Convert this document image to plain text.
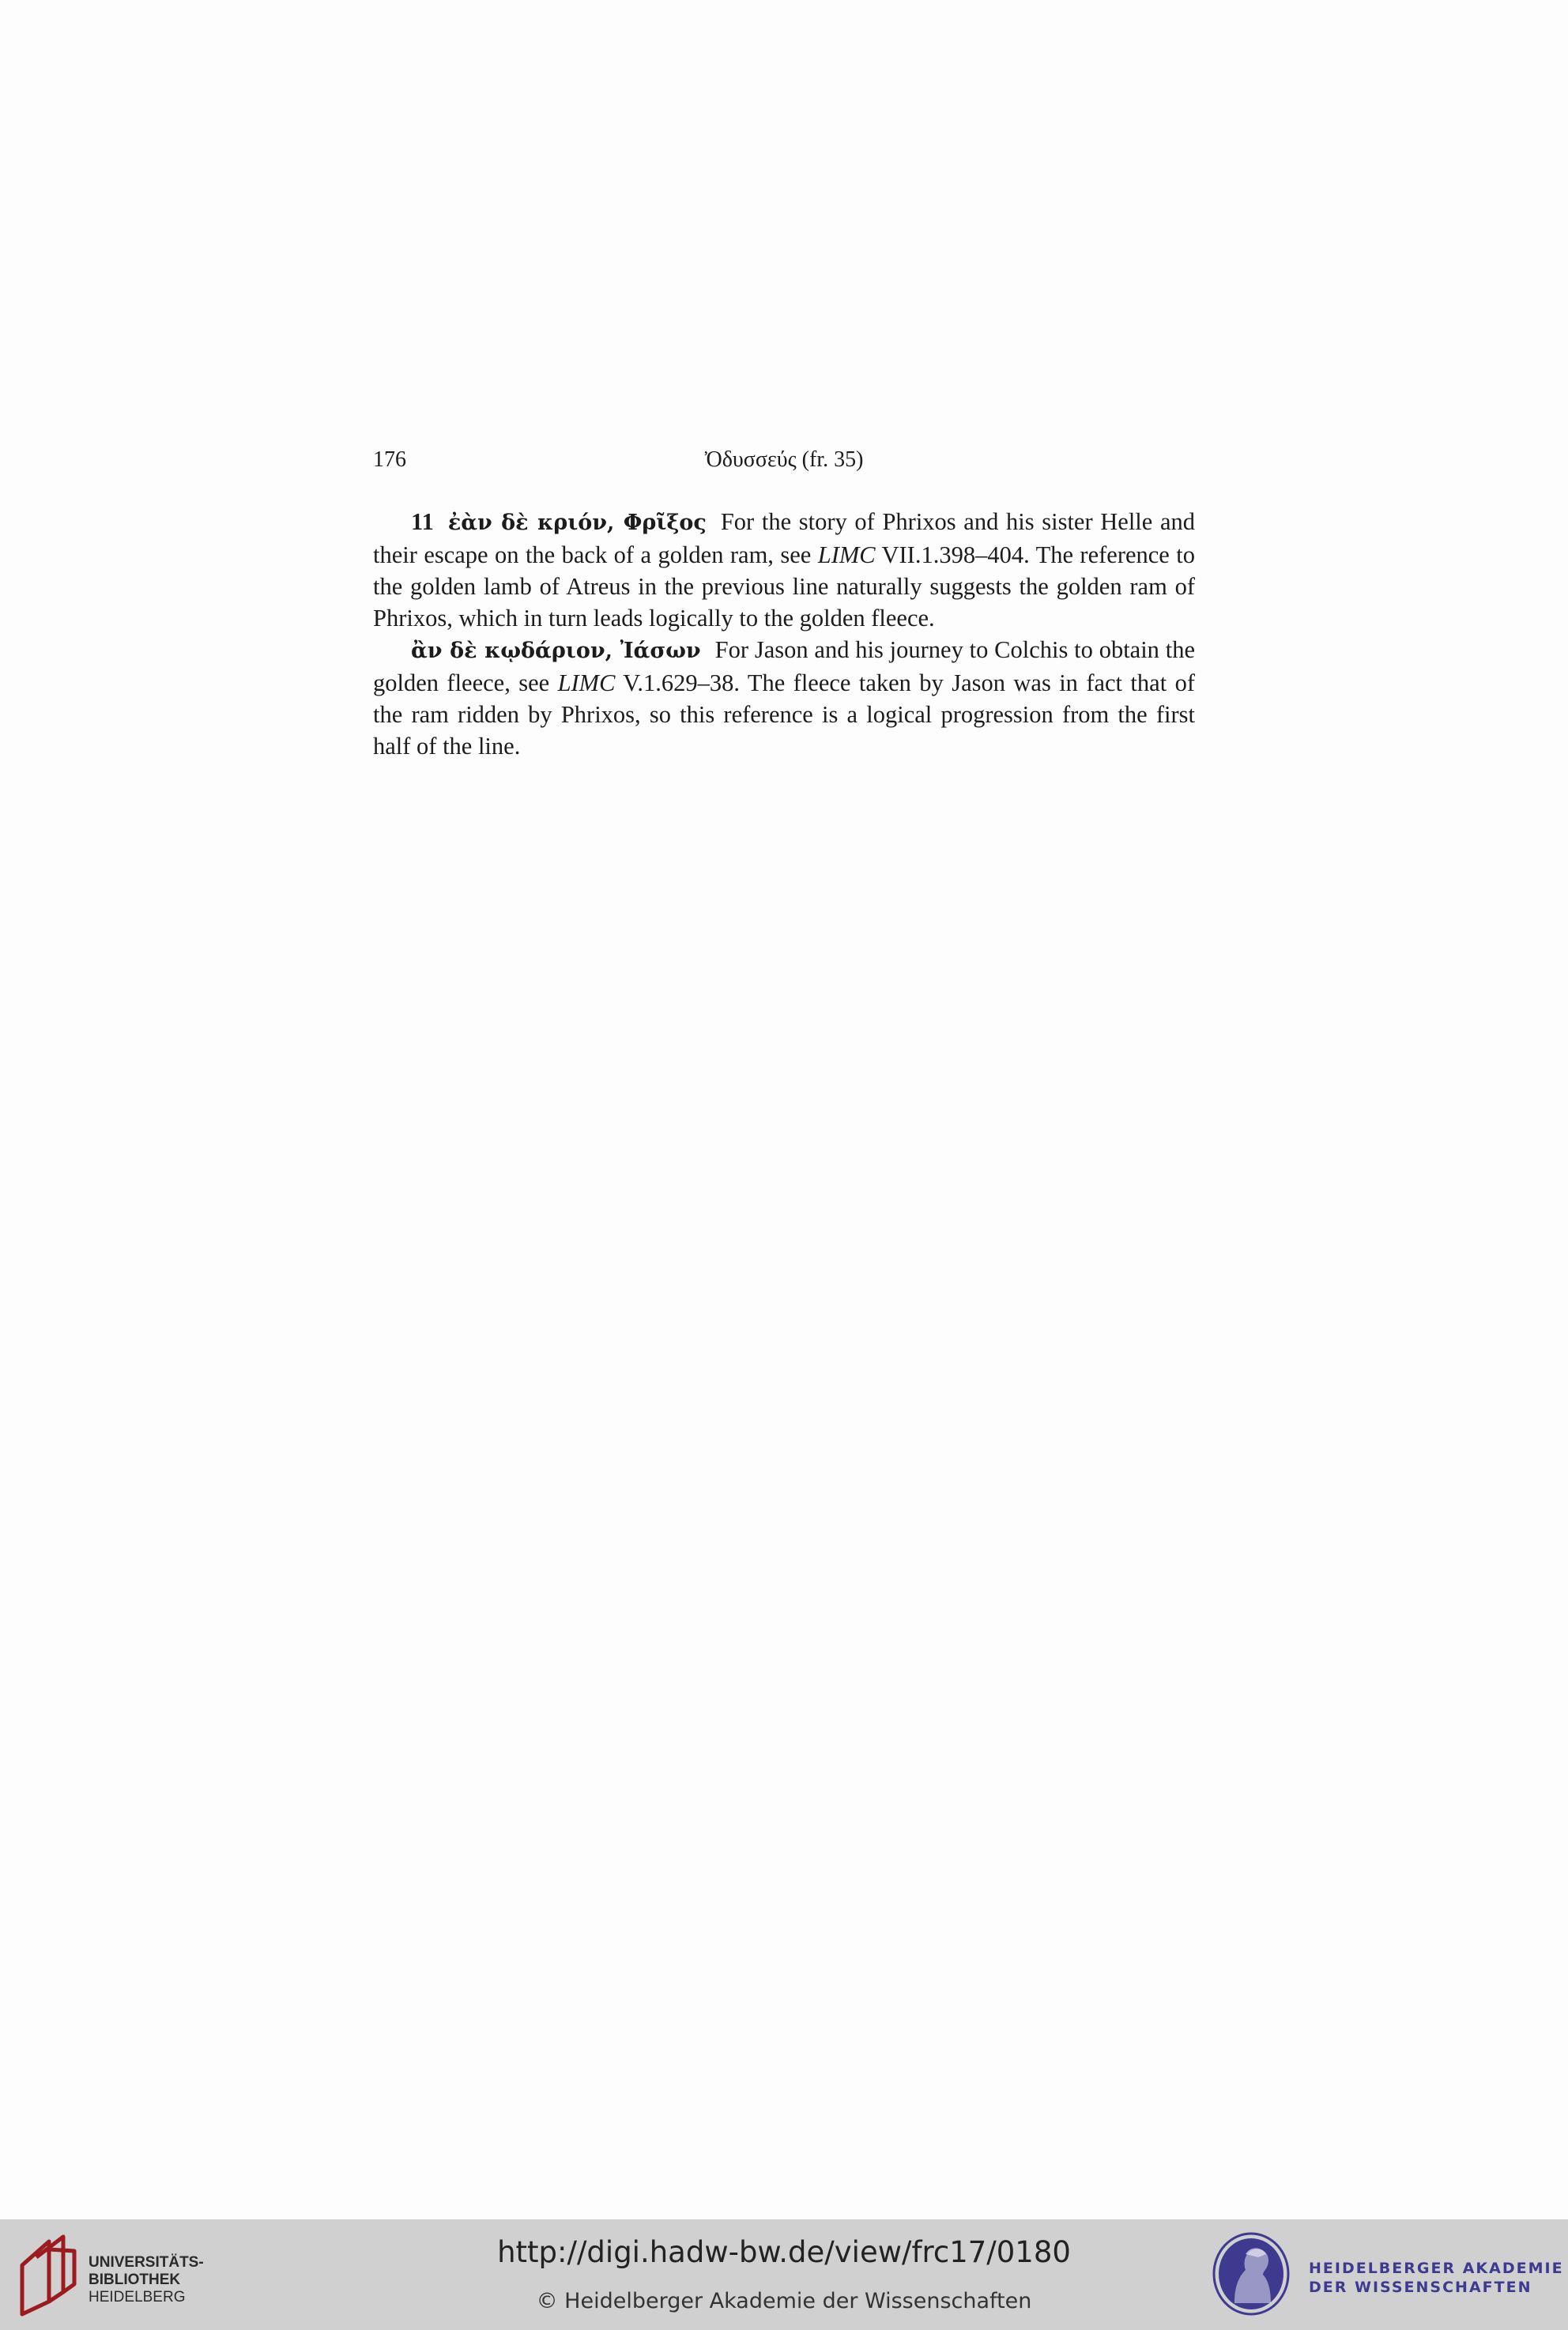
176	Ὀδυσσεύς (fr. 35)

11 ἐὰν δὲ κριόν, Φρῖξος For the story of Phrixos and his sister Helle and their escape on the back of a golden ram, see LIMC VII.1.398–404. The reference to the golden lamb of Atreus in the previous line naturally suggests the golden ram of Phrixos, which in turn leads logically to the golden fleece.

ἂν δὲ κῳδάριον, Ἰάσων For Jason and his journey to Colchis to obtain the golden fleece, see LIMC V.1.629–38. The fleece taken by Jason was in fact that of the ram ridden by Phrixos, so this reference is a logical progression from the first half of the line.

UNIVERSITÄTS-
BIBLIOTHEK
HEIDELBERG
http://digi.hadw-bw.de/view/frc17/0180
© Heidelberger Akademie der Wissenschaften
HEIDELBERGER AKADEMIE
DER WISSENSCHAFTEN
